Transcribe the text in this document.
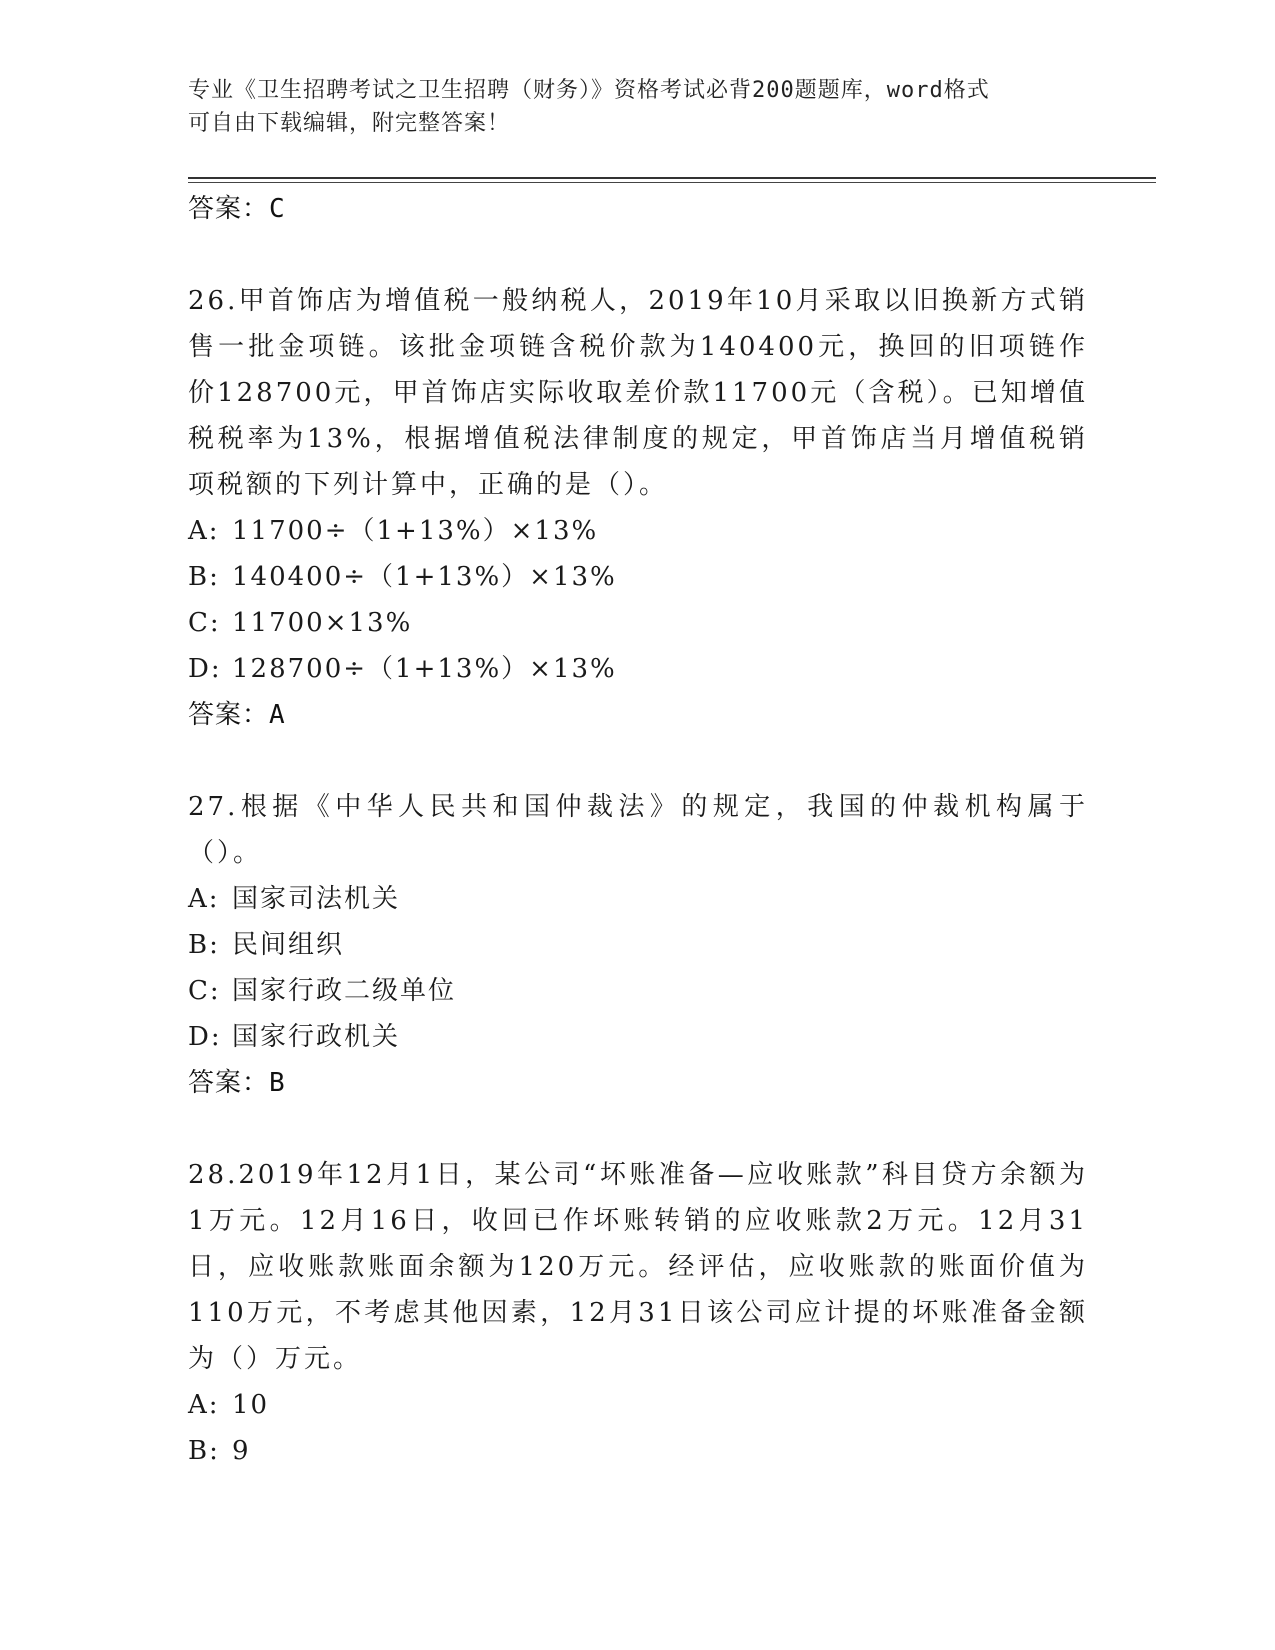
专业《卫生招聘考试之卫生招聘（财务）》资格考试必背200题题库，word格式
可自由下载编辑，附完整答案！
答案：C
26.甲首饰店为增值税一般纳税人，2019年10月采取以旧换新方式销售一批金项链。该批金项链含税价款为140400元，换回的旧项链作价128700元，甲首饰店实际收取差价款11700元（含税）。已知增值税税率为13%，根据增值税法律制度的规定，甲首饰店当月增值税销项税额的下列计算中，正确的是（）。
A: 11700÷（1+13%）×13%
B: 140400÷（1+13%）×13%
C: 11700×13%
D: 128700÷（1+13%）×13%
答案：A
27.根据《中华人民共和国仲裁法》的规定，我国的仲裁机构属于（）。
A: 国家司法机关
B: 民间组织
C: 国家行政二级单位
D: 国家行政机关
答案：B
28.2019年12月1日，某公司“坏账准备—应收账款”科目贷方余额为1万元。12月16日，收回已作坏账转销的应收账款2万元。12月31日，应收账款账面余额为120万元。经评估，应收账款的账面价值为110万元，不考虑其他因素，12月31日该公司应计提的坏账准备金额为（）万元。
A: 10
B: 9
